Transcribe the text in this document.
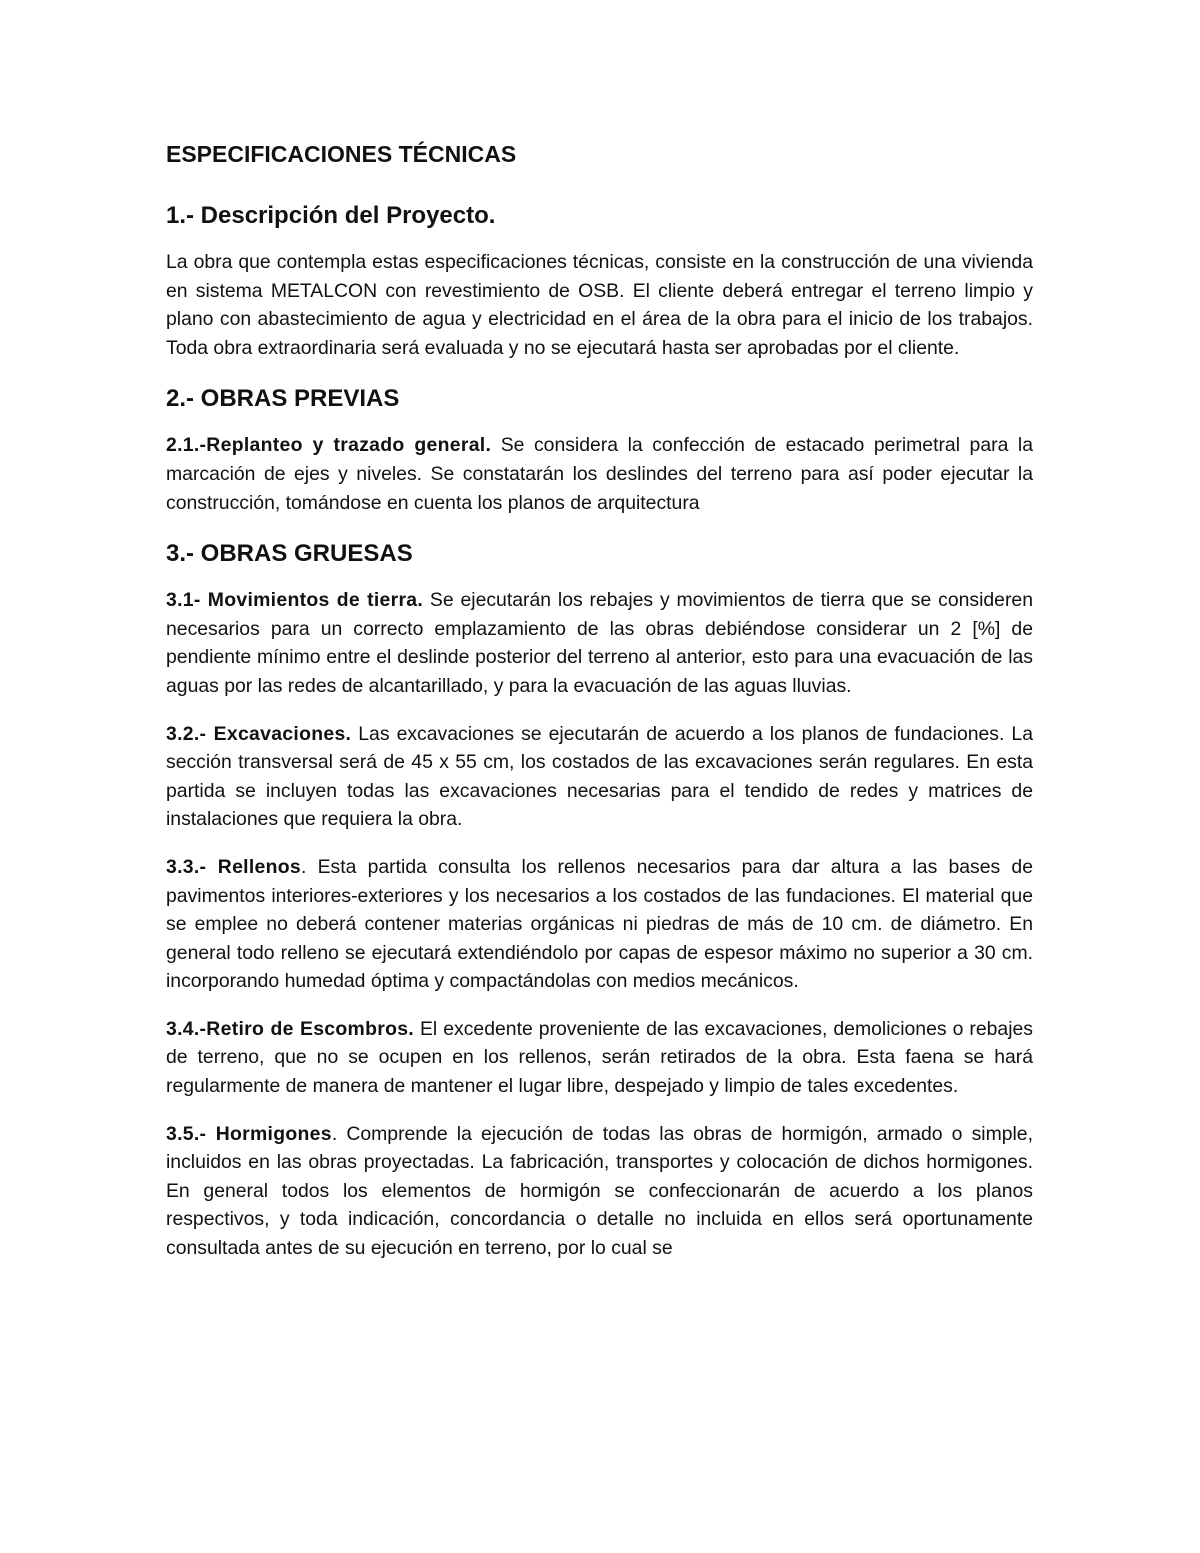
ESPECIFICACIONES TÉCNICAS
1.- Descripción del Proyecto.

La obra que contempla estas especificaciones técnicas, consiste en la construcción de una vivienda en sistema METALCON con revestimiento de OSB. El cliente deberá entregar el terreno limpio y plano con abastecimiento de agua y electricidad en el área de la obra para el inicio de los trabajos. Toda obra extraordinaria será evaluada y no se ejecutará hasta ser aprobadas por el cliente.

2.- OBRAS PREVIAS

2.1.-Replanteo y trazado general. Se considera la confección de estacado perimetral para la marcación de ejes y niveles. Se constatarán los deslindes del terreno para así poder ejecutar la construcción, tomándose en cuenta los planos de arquitectura

3.- OBRAS GRUESAS

3.1- Movimientos de tierra. Se ejecutarán los rebajes y movimientos de tierra que se consideren necesarios para un correcto emplazamiento de las obras debiéndose considerar un 2 [%] de pendiente mínimo entre el deslinde posterior del terreno al anterior, esto para una evacuación de las aguas por las redes de alcantarillado, y para la evacuación de las aguas lluvias.

3.2.- Excavaciones. Las excavaciones se ejecutarán de acuerdo a los planos de fundaciones. La sección transversal será de 45 x 55 cm, los costados de las excavaciones serán regulares. En esta partida se incluyen todas las excavaciones necesarias para el tendido de redes y matrices de instalaciones que requiera la obra.

3.3.- Rellenos. Esta partida consulta los rellenos necesarios para dar altura a las bases de pavimentos interiores-exteriores y los necesarios a los costados de las fundaciones. El material que se emplee no deberá contener materias orgánicas ni piedras de más de 10 cm. de diámetro. En general todo relleno se ejecutará extendiéndolo por capas de espesor máximo no superior a 30 cm. incorporando humedad óptima y compactándolas con medios mecánicos.

3.4.-Retiro de Escombros. El excedente proveniente de las excavaciones, demoliciones o rebajes de terreno, que no se ocupen en los rellenos, serán retirados de la obra. Esta faena se hará regularmente de manera de mantener el lugar libre, despejado y limpio de tales excedentes.

3.5.- Hormigones. Comprende la ejecución de todas las obras de hormigón, armado o simple, incluidos en las obras proyectadas. La fabricación, transportes y colocación de dichos hormigones. En general todos los elementos de hormigón se confeccionarán de acuerdo a los planos respectivos, y toda indicación, concordancia o detalle no incluida en ellos será oportunamente consultada antes de su ejecución en terreno, por lo cual se
